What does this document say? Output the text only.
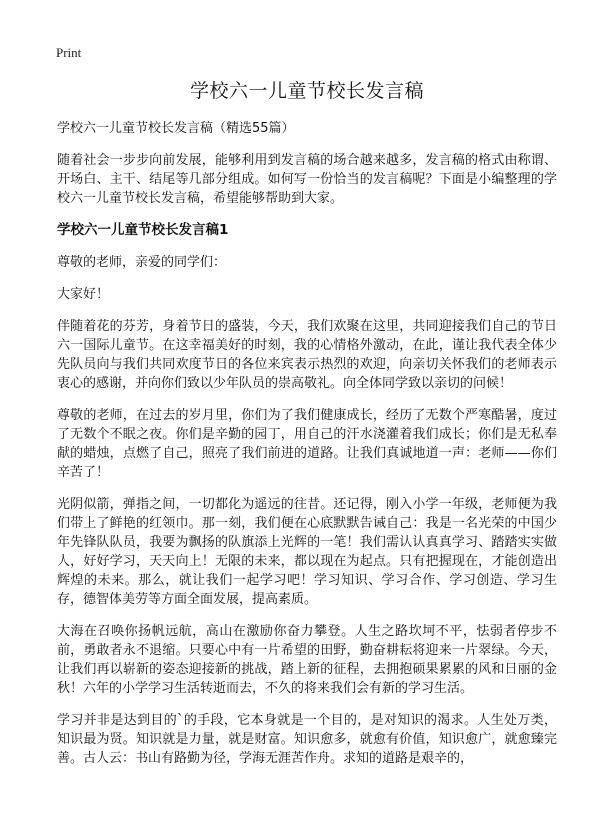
Print
学校六一儿童节校长发言稿
学校六一儿童节校长发言稿（精选55篇）

随着社会一步步向前发展，能够利用到发言稿的场合越来越多，发言稿的格式由称谓、开场白、主干、结尾等几部分组成。如何写一份恰当的发言稿呢？下面是小编整理的学校六一儿童节校长发言稿，希望能够帮助到大家。

学校六一儿童节校长发言稿1

尊敬的老师，亲爱的同学们：

大家好！

伴随着花的芬芳，身着节日的盛装，今天，我们欢聚在这里，共同迎接我们自己的节日六一国际儿童节。在这幸福美好的时刻，我的心情格外激动，在此，谨让我代表全体少先队员向与我们共同欢度节日的各位来宾表示热烈的欢迎，向亲切关怀我们的老师表示衷心的感谢，并向你们致以少年队员的崇高敬礼。向全体同学致以亲切的问候！

尊敬的老师，在过去的岁月里，你们为了我们健康成长，经历了无数个严寒酷暑，度过了无数个不眠之夜。你们是辛勤的园丁，用自己的汗水浇灌着我们成长；你们是无私奉献的蜡烛，点燃了自己，照亮了我们前进的道路。让我们真诚地道一声：老师——你们辛苦了！

光阴似箭，弹指之间，一切都化为遥远的往昔。还记得，刚入小学一年级，老师便为我们带上了鲜艳的红领巾。那一刻，我们便在心底默默告诫自己：我是一名光荣的中国少年先锋队队员，我要为飘扬的队旗添上光辉的一笔！我们需认认真真学习、踏踏实实做人，好好学习，天天向上！无限的未来，都以现在为起点。只有把握现在，才能创造出辉煌的未来。那么，就让我们一起学习吧！学习知识、学习合作、学习创造、学习生存，德智体美劳等方面全面发展，提高素质。

大海在召唤你扬帆远航，高山在激励你奋力攀登。人生之路坎坷不平，怯弱者停步不前，勇敢者永不退缩。只要心中有一片希望的田野，勤奋耕耘将迎来一片翠绿。今天，让我们再以崭新的姿态迎接新的挑战，踏上新的征程，去拥抱硕果累累的风和日丽的金秋！六年的小学学习生活转逝而去，不久的将来我们会有新的学习生活。

学习并非是达到目的`的手段，它本身就是一个目的，是对知识的渴求。人生处万类，知识最为贤。知识就是力量，就是财富。知识愈多，就愈有价值，知识愈广，就愈臻完善。古人云：书山有路勤为径，学海无涯苦作舟。求知的道路是艰辛的，
